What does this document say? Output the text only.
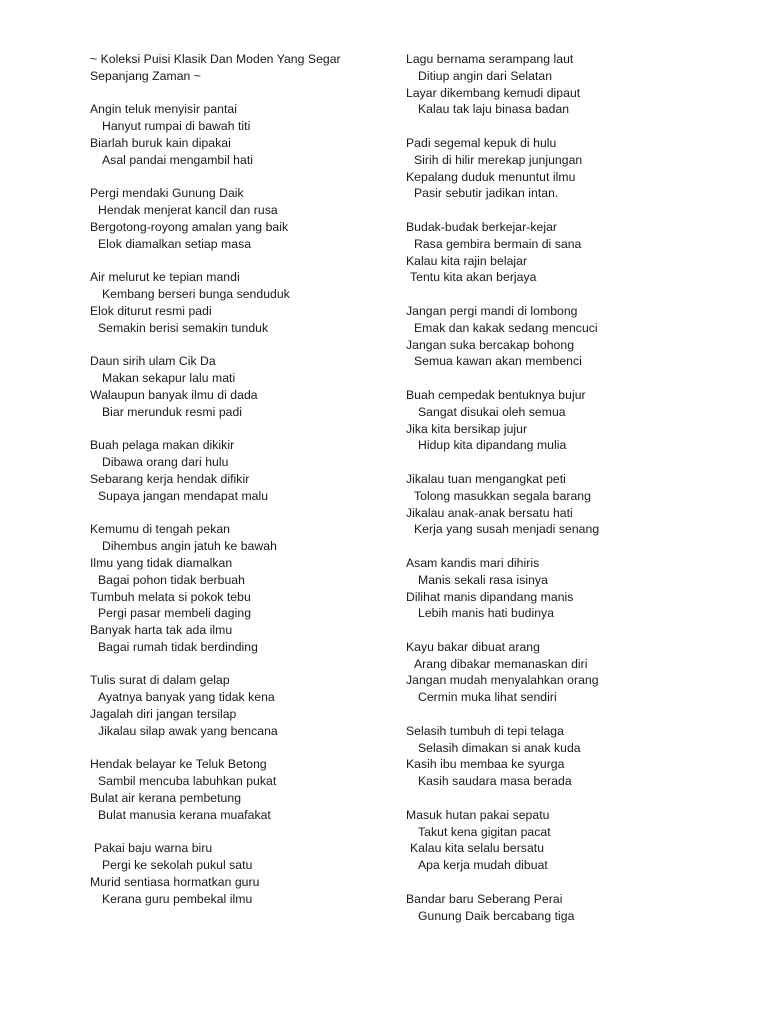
~ Koleksi Puisi Klasik Dan Moden Yang Segar
Sepanjang Zaman ~
Angin teluk menyisir pantai
Hanyut rumpai di bawah titi
Biarlah buruk kain dipakai
Asal pandai mengambil hati
Pergi mendaki Gunung Daik
Hendak menjerat kancil dan rusa
Bergotong-royong amalan yang baik
Elok diamalkan setiap masa
Air melurut ke tepian mandi
Kembang berseri bunga senduduk
Elok diturut resmi padi
Semakin berisi semakin tunduk
Daun sirih ulam Cik Da
Makan sekapur lalu mati
Walaupun banyak ilmu di dada
Biar merunduk resmi padi
Buah pelaga makan dikikir
Dibawa orang dari hulu
Sebarang kerja hendak difikir
Supaya jangan mendapat malu
Kemumu di tengah pekan
Dihembus angin jatuh ke bawah
Ilmu yang tidak diamalkan
Bagai pohon tidak berbuah
Tumbuh melata si pokok tebu
Pergi pasar membeli daging
Banyak harta tak ada ilmu
Bagai rumah tidak berdinding
Tulis surat di dalam gelap
Ayatnya banyak yang tidak kena
Jagalah diri jangan tersilap
Jikalau silap awak yang bencana
Hendak belayar ke Teluk Betong
Sambil mencuba labuhkan pukat
Bulat air kerana pembetung
Bulat manusia kerana muafakat
Pakai baju warna biru
Pergi ke sekolah pukul satu
Murid sentiasa hormatkan guru
Kerana guru pembekal ilmu
Lagu bernama serampang laut
Ditiup angin dari Selatan
Layar dikembang kemudi dipaut
Kalau tak laju binasa badan
Padi segemal kepuk di hulu
Sirih di hilir merekap junjungan
Kepalang duduk menuntut ilmu
Pasir sebutir jadikan intan.
Budak-budak berkejar-kejar
Rasa gembira bermain di sana
Kalau kita rajin belajar
Tentu kita akan berjaya
Jangan pergi mandi di lombong
Emak dan kakak sedang mencuci
Jangan suka bercakap bohong
Semua kawan akan membenci
Buah cempedak bentuknya bujur
Sangat disukai oleh semua
Jika kita bersikap jujur
Hidup kita dipandang mulia
Jikalau tuan mengangkat peti
Tolong masukkan segala barang
Jikalau anak-anak bersatu hati
Kerja yang susah menjadi senang
Asam kandis mari dihiris
Manis sekali rasa isinya
Dilihat manis dipandang manis
Lebih manis hati budinya
Kayu bakar dibuat arang
Arang dibakar memanaskan diri
Jangan mudah menyalahkan orang
Cermin muka lihat sendiri
Selasih tumbuh di tepi telaga
Selasih dimakan si anak kuda
Kasih ibu membaa ke syurga
Kasih saudara masa berada
Masuk hutan pakai sepatu
Takut kena gigitan pacat
Kalau kita selalu bersatu
Apa kerja mudah dibuat
Bandar baru Seberang Perai
Gunung Daik bercabang tiga
